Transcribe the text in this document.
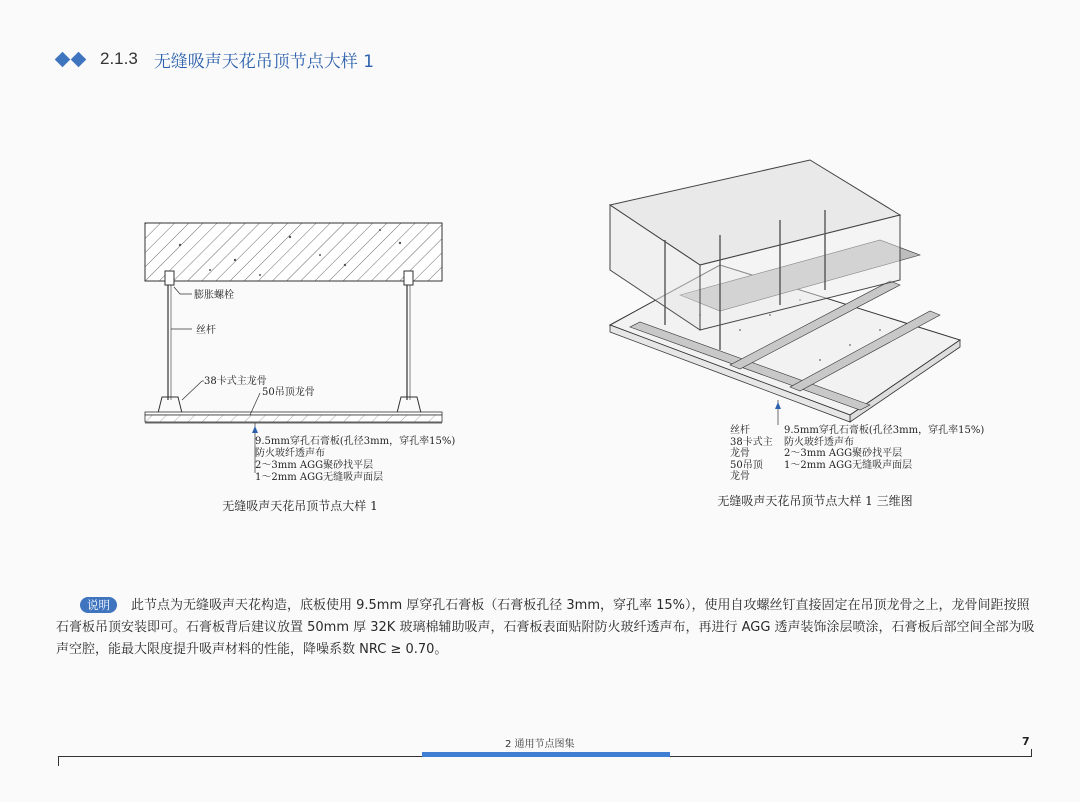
2.1.3 无缝吸声天花吊顶节点大样 1
膨胀螺栓
丝杆
38卡式主龙骨
50吊顶龙骨
9.5mm穿孔石膏板(孔径3mm，穿孔率15%)
防火玻纤透声布
2～3mm AGG聚砂找平层
1～2mm AGG无缝吸声面层
无缝吸声天花吊顶节点大样 1
丝杆
38卡式主
龙骨
50吊顶
龙骨
9.5mm穿孔石膏板(孔径3mm，穿孔率15%)
防火玻纤透声布
2～3mm AGG聚砂找平层
1～2mm AGG无缝吸声面层
无缝吸声天花吊顶节点大样 1 三维图
说明 此节点为无缝吸声天花构造，底板使用 9.5mm 厚穿孔石膏板（石膏板孔径 3mm，穿孔率 15%），使用自攻螺丝钉直接固定在吊顶龙骨之上，龙骨间距按照
石膏板吊顶安装即可。石膏板背后建议放置 50mm 厚 32K 玻璃棉辅助吸声，石膏板表面贴附防火玻纤透声布，再进行 AGG 透声装饰涂层喷涂，石膏板后部空间全部为吸
声空腔，能最大限度提升吸声材料的性能，降噪系数 NRC ≥ 0.70。
2 通用节点图集	7
